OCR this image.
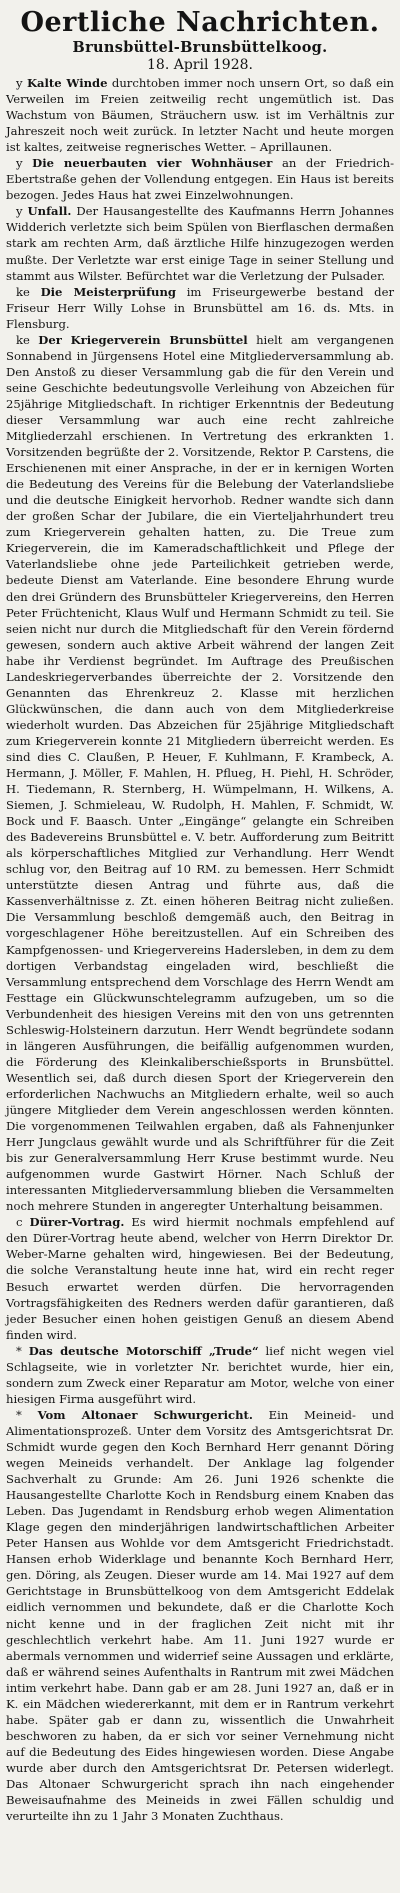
Oertliche Nachrichten.
Brunsbüttel-Brunsbüttelkoog.
18. April 1928.

y Kalte Winde durchtoben immer noch unsern Ort, so daß ein Verweilen im Freien zeitweilig recht ungemütlich ist. Das Wachstum von Bäumen, Sträuchern usw. ist im Verhältnis zur Jahreszeit noch weit zurück. In letzter Nacht und heute morgen ist kaltes, zeitweise regnerisches Wetter. – Aprillaunen.

y Die neuerbauten vier Wohnhäuser an der Friedrich-Ebertstraße gehen der Vollendung entgegen. Ein Haus ist bereits bezogen. Jedes Haus hat zwei Einzelwohnungen.

y Unfall. Der Hausangestellte des Kaufmanns Herrn Johannes Widderich verletzte sich beim Spülen von Bierflaschen dermaßen stark am rechten Arm, daß ärztliche Hilfe hinzugezogen werden mußte. Der Verletzte war erst einige Tage in seiner Stellung und stammt aus Wilster. Befürchtet war die Verletzung der Pulsader.

ke Die Meisterprüfung im Friseurgewerbe bestand der Friseur Herr Willy Lohse in Brunsbüttel am 16. ds. Mts. in Flensburg.

ke Der Kriegerverein Brunsbüttel hielt am vergangenen Sonnabend in Jürgensens Hotel eine Mitgliederversammlung ab. Den Anstoß zu dieser Versammlung gab die für den Verein und seine Geschichte bedeutungsvolle Verleihung von Abzeichen für 25jährige Mitgliedschaft. In richtiger Erkenntnis der Bedeutung dieser Versammlung war auch eine recht zahlreiche Mitgliederzahl erschienen. In Vertretung des erkrankten 1. Vorsitzenden begrüßte der 2. Vorsitzende, Rektor P. Carstens, die Erschienenen mit einer Ansprache, in der er in kernigen Worten die Bedeutung des Vereins für die Belebung der Vaterlandsliebe und die deutsche Einigkeit hervorhob. Redner wandte sich dann der großen Schar der Jubilare, die ein Vierteljahrhundert treu zum Kriegerverein gehalten hatten, zu. Die Treue zum Kriegerverein, die im Kameradschaftlichkeit und Pflege der Vaterlandsliebe ohne jede Parteilichkeit getrieben werde, bedeute Dienst am Vaterlande. Eine besondere Ehrung wurde den drei Gründern des Brunsbütteler Kriegervereins, den Herren Peter Früchtenicht, Klaus Wulf und Hermann Schmidt zu teil. Sie seien nicht nur durch die Mitgliedschaft für den Verein fördernd gewesen, sondern auch aktive Arbeit während der langen Zeit habe ihr Verdienst begründet. Im Auftrage des Preußischen Landeskriegerverbandes überreichte der 2. Vorsitzende den Genannten das Ehrenkreuz 2. Klasse mit herzlichen Glückwünschen, die dann auch von dem Mitgliederkreise wiederholt wurden. Das Abzeichen für 25jährige Mitgliedschaft zum Kriegerverein konnte 21 Mitgliedern überreicht werden. Es sind dies C. Claußen, P. Heuer, F. Kuhlmann, F. Krambeck, A. Hermann, J. Möller, F. Mahlen, H. Pflueg, H. Piehl, H. Schröder, H. Tiedemann, R. Sternberg, H. Wümpelmann, H. Wilkens, A. Siemen, J. Schmieleau, W. Rudolph, H. Mahlen, F. Schmidt, W. Bock und F. Baasch. Unter „Eingänge“ gelangte ein Schreiben des Badevereins Brunsbüttel e. V. betr. Aufforderung zum Beitritt als körperschaftliches Mitglied zur Verhandlung. Herr Wendt schlug vor, den Beitrag auf 10 RM. zu bemessen. Herr Schmidt unterstützte diesen Antrag und führte aus, daß die Kassenverhältnisse z. Zt. einen höheren Beitrag nicht zuließen. Die Versammlung beschloß demgemäß auch, den Beitrag in vorgeschlagener Höhe bereitzustellen. Auf ein Schreiben des Kampfgenossen- und Kriegervereins Hadersleben, in dem zu dem dortigen Verbandstag eingeladen wird, beschließt die Versammlung entsprechend dem Vorschlage des Herrn Wendt am Festtage ein Glückwunschtelegramm aufzugeben, um so die Verbundenheit des hiesigen Vereins mit den von uns getrennten Schleswig-Holsteinern darzutun. Herr Wendt begründete sodann in längeren Ausführungen, die beifällig aufgenommen wurden, die Förderung des Kleinkaliberschießsports in Brunsbüttel. Wesentlich sei, daß durch diesen Sport der Kriegerverein den erforderlichen Nachwuchs an Mitgliedern erhalte, weil so auch jüngere Mitglieder dem Verein angeschlossen werden könnten. Die vorgenommenen Teilwahlen ergaben, daß als Fahnenjunker Herr Jungclaus gewählt wurde und als Schriftführer für die Zeit bis zur Generalversammlung Herr Kruse bestimmt wurde. Neu aufgenommen wurde Gastwirt Hörner. Nach Schluß der interessanten Mitgliederversammlung blieben die Versammelten noch mehrere Stunden in angeregter Unterhaltung beisammen.

c Dürer-Vortrag. Es wird hiermit nochmals empfehlend auf den Dürer-Vortrag heute abend, welcher von Herrn Direktor Dr. Weber-Marne gehalten wird, hingewiesen. Bei der Bedeutung, die solche Veranstaltung heute inne hat, wird ein recht reger Besuch erwartet werden dürfen. Die hervorragenden Vortragsfähigkeiten des Redners werden dafür garantieren, daß jeder Besucher einen hohen geistigen Genuß an diesem Abend finden wird.

* Das deutsche Motorschiff „Trude“ lief nicht wegen viel Schlagseite, wie in vorletzter Nr. berichtet wurde, hier ein, sondern zum Zweck einer Reparatur am Motor, welche von einer hiesigen Firma ausgeführt wird.

* Vom Altonaer Schwurgericht. Ein Meineid- und Alimentationsprozeß. Unter dem Vorsitz des Amtsgerichtsrat Dr. Schmidt wurde gegen den Koch Bernhard Herr genannt Döring wegen Meineids verhandelt. Der Anklage lag folgender Sachverhalt zu Grunde: Am 26. Juni 1926 schenkte die Hausangestellte Charlotte Koch in Rendsburg einem Knaben das Leben. Das Jugendamt in Rendsburg erhob wegen Alimentation Klage gegen den minderjährigen landwirtschaftlichen Arbeiter Peter Hansen aus Wohlde vor dem Amtsgericht Friedrichstadt. Hansen erhob Widerklage und benannte Koch Bernhard Herr, gen. Döring, als Zeugen. Dieser wurde am 14. Mai 1927 auf dem Gerichtstage in Brunsbüttelkoog von dem Amtsgericht Eddelak eidlich vernommen und bekundete, daß er die Charlotte Koch nicht kenne und in der fraglichen Zeit nicht mit ihr geschlechtlich verkehrt habe. Am 11. Juni 1927 wurde er abermals vernommen und widerrief seine Aussagen und erklärte, daß er während seines Aufenthalts in Rantrum mit zwei Mädchen intim verkehrt habe. Dann gab er am 28. Juni 1927 an, daß er in K. ein Mädchen wiedererkannt, mit dem er in Rantrum verkehrt habe. Später gab er dann zu, wissentlich die Unwahrheit beschworen zu haben, da er sich vor seiner Vernehmung nicht auf die Bedeutung des Eides hingewiesen worden. Diese Angabe wurde aber durch den Amtsgerichtsrat Dr. Petersen widerlegt. Das Altonaer Schwurgericht sprach ihn nach eingehender Beweisaufnahme des Meineids in zwei Fällen schuldig und verurteilte ihn zu 1 Jahr 3 Monaten Zuchthaus.
